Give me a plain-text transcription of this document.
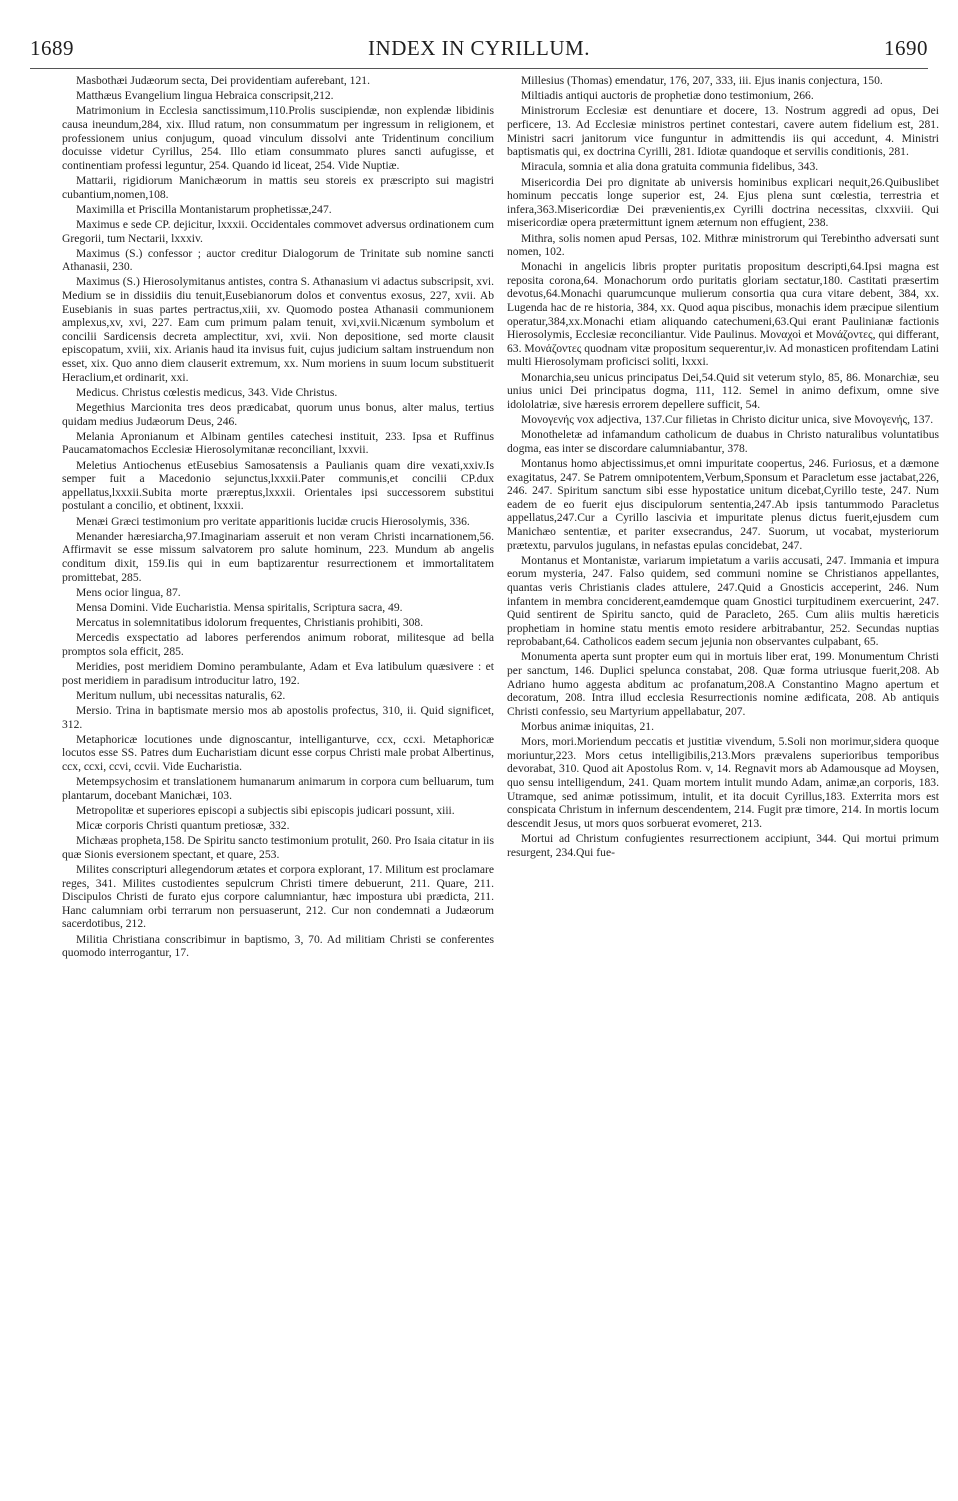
1689	INDEX IN CYRILLUM.	1690

Masbothæi Judæorum secta, Dei providentiam auferebant, 121.

Matthæus Evangelium lingua Hebraica conscripsit,212.

Matrimonium in Ecclesia sanctissimum,110.Prolis suscipiendæ, non explendæ libidinis causa ineundum,284, xix. Illud ratum, non consummatum per ingressum in religionem, et professionem unius conjugum, quoad vinculum dissolvi ante Tridentinum concilium docuisse videtur Cyrillus, 254. Illo etiam consummato plures sancti aufugisse, et continentiam professi leguntur, 254. Quando id liceat, 254. Vide Nuptiæ.

Mattarii, rigidiorum Manichæorum in mattis seu storeis ex præscripto sui magistri cubantium,nomen,108.

Maximilla et Priscilla Montanistarum prophetissæ,247.

Maximus e sede CP. dejicitur, lxxxii. Occidentales commovet adversus ordinationem cum Gregorii, tum Nectarii, lxxxiv.

Maximus (S.) confessor ; auctor creditur Dialogorum de Trinitate sub nomine sancti Athanasii, 230.

Maximus (S.) Hierosolymitanus antistes, contra S. Athanasium vi adactus subscripsit, xvi. Medium se in dissidiis diu tenuit,Eusebianorum dolos et conventus exosus, 227, xvii. Ab Eusebianis in suas partes pertractus,xiii, xv. Quomodo postea Athanasii communionem amplexus,xv, xvi, 227. Eam cum primum palam tenuit, xvi,xvii.Nicænum symbolum et concilii Sardicensis decreta amplectitur, xvi, xvii. Non depositione, sed morte clausit episcopatum, xviii, xix. Arianis haud ita invisus fuit, cujus judicium saltam instruendum non esset, xix. Quo anno diem clauserit extremum, xx. Num moriens in suum locum substituerit Heraclium,et ordinarit, xxi.

Medicus. Christus cœlestis medicus, 343. Vide Christus.

Megethius Marcionita tres deos prædicabat, quorum unus bonus, alter malus, tertius quidam medius Judæorum Deus, 246.

Melania Apronianum et Albinam gentiles catechesi instituit, 233. Ipsa et Ruffinus Paucamatomachos Ecclesiæ Hierosolymitanæ reconciliant, lxxvii.

Meletius Antiochenus etEusebius Samosatensis a Paulianis quam dire vexati,xxiv.Is semper fuit a Macedonio sejunctus,lxxxii.Pater communis,et concilii CP.dux appellatus,lxxxii.Subita morte præreptus,lxxxii. Orientales ipsi successorem substitui postulant a concilio, et obtinent, lxxxii.

Menæi Græci testimonium pro veritate apparitionis lucidæ crucis Hierosolymis, 336.

Menander hæresiarcha,97.Imaginariam asseruit et non veram Christi incarnationem,56. Affirmavit se esse missum salvatorem pro salute hominum, 223. Mundum ab angelis conditum dixit, 159.Iis qui in eum baptizarentur resurrectionem et immortalitatem promittebat, 285.

Mens ocior lingua, 87.

Mensa Domini. Vide Eucharistia. Mensa spiritalis, Scriptura sacra, 49.

Mercatus in solemnitatibus idolorum frequentes, Christianis prohibiti, 308.

Mercedis exspectatio ad labores perferendos animum roborat, militesque ad bella promptos sola efficit, 285.

Meridies, post meridiem Domino perambulante, Adam et Eva latibulum quæsivere : et post meridiem in paradisum introducitur latro, 192.

Meritum nullum, ubi necessitas naturalis, 62.

Mersio. Trina in baptismate mersio mos ab apostolis profectus, 310, ii. Quid significet, 312.

Metaphoricæ locutiones unde dignoscantur, intelliganturve, ccx, ccxi. Metaphoricæ locutos esse SS. Patres dum Eucharistiam dicunt esse corpus Christi male probat Albertinus, ccx, ccxi, ccvi, ccvii. Vide Eucharistia.

Metempsychosim et translationem humanarum animarum in corpora cum belluarum, tum plantarum, docebant Manichæi, 103.

Metropolitæ et superiores episcopi a subjectis sibi episcopis judicari possunt, xiii.

Micæ corporis Christi quantum pretiosæ, 332.

Michæas propheta,158. De Spiritu sancto testimonium protulit, 260. Pro Isaia citatur in iis quæ Sionis eversionem spectant, et quare, 253.

Milites conscripturi allegendorum ætates et corpora explorant, 17. Militum est proclamare reges, 341. Milites custodientes sepulcrum Christi timere debuerunt, 211. Quare, 211. Discipulos Christi de furato ejus corpore calumniantur, hæc impostura ubi prædicta, 211. Hanc calumniam orbi terrarum non persuaserunt, 212. Cur non condemnati a Judæorum sacerdotibus, 212.

Militia Christiana conscribimur in baptismo, 3, 70. Ad militiam Christi se conferentes quomodo interrogantur, 17.

Millesius (Thomas) emendatur, 176, 207, 333, iii. Ejus inanis conjectura, 150.

Miltiadis antiqui auctoris de prophetiæ dono testimonium, 266.

Ministrorum Ecclesiæ est denuntiare et docere, 13. Nostrum aggredi ad opus, Dei perficere, 13. Ad Ecclesiæ ministros pertinet contestari, cavere autem fidelium est, 281. Ministri sacri janitorum vice funguntur in admittendis iis qui accedunt, 4. Ministri baptismatis qui, ex doctrina Cyrilli, 281. Idiotæ quandoque et servilis conditionis, 281.

Miracula, somnia et alia dona gratuita communia fidelibus, 343.

Misericordia Dei pro dignitate ab universis hominibus explicari nequit,26.Quibuslibet hominum peccatis longe superior est, 24. Ejus plena sunt cœlestia, terrestria et infera,363.Misericordiæ Dei prævenientis,ex Cyrilli doctrina necessitas, clxxviii. Qui misericordiæ opera prætermittunt ignem æternum non effugient, 238.

Mithra, solis nomen apud Persas, 102. Mithræ ministrorum qui Terebintho adversati sunt nomen, 102.

Monachi in angelicis libris propter puritatis propositum descripti,64.Ipsi magna est reposita corona,64. Monachorum ordo puritatis gloriam sectatur,180. Castitati præsertim devotus,64.Monachi quarumcunque mulierum consortia qua cura vitare debent, 384, xx. Lugenda hac de re historia, 384, xx. Quod aqua piscibus, monachis idem præcipue silentium operatur,384,xx.Monachi etiam aliquando catechumeni,63.Qui erant Paulinianæ factionis Hierosolymis, Ecclesiæ reconciliantur. Vide Paulinus. Μοναχοὶ et Μονάζοντες, qui differant, 63. Μονάζοντες quodnam vitæ propositum sequerentur,iv. Ad monasticen profitendam Latini multi Hierosolymam proficisci soliti, lxxxi.

Monarchia,seu unicus principatus Dei,54.Quid sit veterum stylo, 85, 86. Monarchiæ, seu unius unici Dei principatus dogma, 111, 112. Semel in animo defixum, omne sive idololatriæ, sive hæresis errorem depellere sufficit, 54.

Μονογενής vox adjectiva, 137.Cur filietas in Christo dicitur unica, sive Μονογενής, 137.

Monotheletæ ad infamandum catholicum de duabus in Christo naturalibus voluntatibus dogma, eas inter se discordare calumniabantur, 378.

Montanus homo abjectissimus,et omni impuritate coopertus, 246. Furiosus, et a dæmone exagitatus, 247. Se Patrem omnipotentem,Verbum,Sponsum et Paracletum esse jactabat,226, 246. 247. Spiritum sanctum sibi esse hypostatice unitum dicebat,Cyrillo teste, 247. Num eadem de eo fuerit ejus discipulorum sententia,247.Ab ipsis tantummodo Paracletus appellatus,247.Cur a Cyrillo lascivia et impuritate plenus dictus fuerit,ejusdem cum Manichæo sententiæ, et pariter exsecrandus, 247. Suorum, ut vocabat, mysteriorum prætextu, parvulos jugulans, in nefastas epulas concidebat, 247.

Montanus et Montanistæ, variarum impietatum a variis accusati, 247. Immania et impura eorum mysteria, 247. Falso quidem, sed communi nomine se Christianos appellantes, quantas veris Christianis clades attulere, 247.Quid a Gnosticis acceperint, 246. Num infantem in membra conciderent,eamdemque quam Gnostici turpitudinem exercuerint, 247. Quid sentirent de Spiritu sancto, quid de Paracleto, 265. Cum aliis multis hæreticis prophetiam in homine statu mentis emoto residere arbitrabantur, 252. Secundas nuptias reprobabant,64. Catholicos eadem secum jejunia non observantes culpabant, 65.

Monumenta aperta sunt propter eum qui in mortuis liber erat, 199. Monumentum Christi per sanctum, 146. Duplici spelunca constabat, 208. Quæ forma utriusque fuerit,208. Ab Adriano humo aggesta abditum ac profanatum,208.A Constantino Magno apertum et decoratum, 208. Intra illud ecclesia Resurrectionis nomine ædificata, 208. Ab antiquis Christi confessio, seu Martyrium appellabatur, 207.

Morbus animæ iniquitas, 21.

Mors, mori.Moriendum peccatis et justitiæ vivendum, 5.Soli non morimur,sidera quoque moriuntur,223. Mors cetus intelligibilis,213.Mors prævalens superioribus temporibus devorabat, 310. Quod ait Apostolus Rom. v, 14. Regnavit mors ab Adamousque ad Moysen, quo sensu intelligendum, 241. Quam mortem intulit mundo Adam, animæ,an corporis, 183. Utramque, sed animæ potissimum, intulit, et ita docuit Cyrillus,183. Exterrita mors est conspicata Christum in infernum descendentem, 214. Fugit præ timore, 214. In mortis locum descendit Jesus, ut mors quos sorbuerat evomeret, 213.

Mortui ad Christum confugientes resurrectionem accipiunt, 344. Qui mortui primum resurgent, 234.Qui fue-
